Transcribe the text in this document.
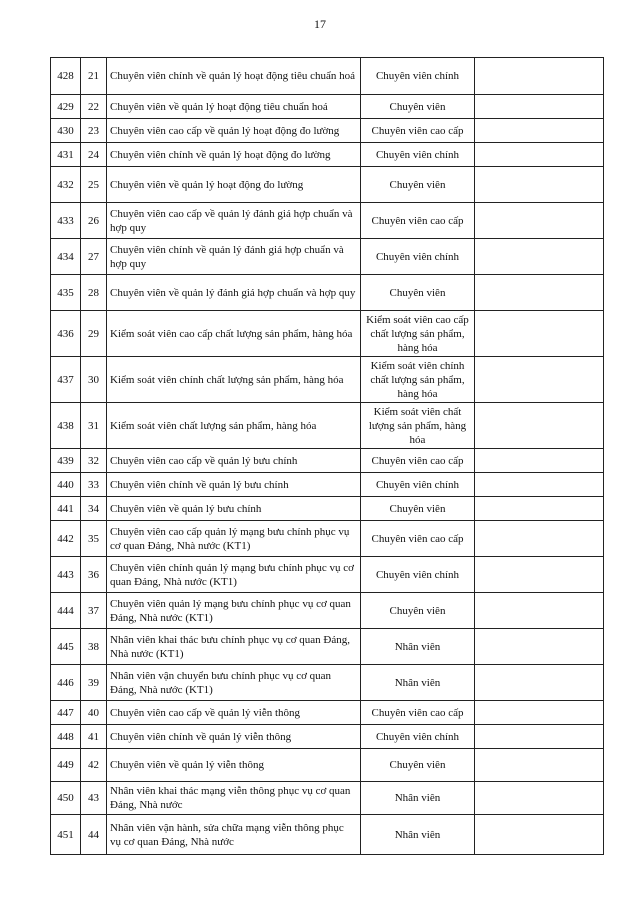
17
428	21	Chuyên viên chính về quản lý hoạt động tiêu chuẩn hoá	Chuyên viên chính	
429	22	Chuyên viên về quản lý hoạt động tiêu chuẩn hoá	Chuyên viên	
430	23	Chuyên viên cao cấp về quản lý hoạt động đo lường	Chuyên viên cao cấp	
431	24	Chuyên viên chính về quản lý hoạt động đo lường	Chuyên viên chính	
432	25	Chuyên viên về quản lý hoạt động đo lường	Chuyên viên	
433	26	Chuyên viên cao cấp về quản lý đánh giá hợp chuẩn và hợp quy	Chuyên viên cao cấp	
434	27	Chuyên viên chính về quản lý đánh giá hợp chuẩn và hợp quy	Chuyên viên chính	
435	28	Chuyên viên về quản lý đánh giá hợp chuẩn và hợp quy	Chuyên viên	
436	29	Kiểm soát viên cao cấp chất lượng sản phẩm, hàng hóa	Kiểm soát viên cao cấp chất lượng sản phẩm, hàng hóa	
437	30	Kiểm soát viên chính chất lượng sản phẩm, hàng hóa	Kiểm soát viên chính chất lượng sản phẩm, hàng hóa	
438	31	Kiểm soát viên chất lượng sản phẩm, hàng hóa	Kiểm soát viên chất lượng sản phẩm, hàng hóa	
439	32	Chuyên viên cao cấp về quản lý bưu chính	Chuyên viên cao cấp	
440	33	Chuyên viên chính về quản lý bưu chính	Chuyên viên chính	
441	34	Chuyên viên về quản lý bưu chính	Chuyên viên	
442	35	Chuyên viên cao cấp quản lý mạng bưu chính phục vụ cơ quan Đảng, Nhà nước (KT1)	Chuyên viên cao cấp	
443	36	Chuyên viên chính quản lý mạng bưu chính phục vụ cơ quan Đảng, Nhà nước (KT1)	Chuyên viên chính	
444	37	Chuyên viên quản lý mạng bưu chính phục vụ cơ quan Đảng, Nhà nước (KT1)	Chuyên viên	
445	38	Nhân viên khai thác bưu chính phục vụ cơ quan Đảng, Nhà nước (KT1)	Nhân viên	
446	39	Nhân viên vận chuyển bưu chính phục vụ cơ quan Đảng, Nhà nước (KT1)	Nhân viên	
447	40	Chuyên viên cao cấp về quản lý viễn thông	Chuyên viên cao cấp	
448	41	Chuyên viên chính về quản lý viễn thông	Chuyên viên chính	
449	42	Chuyên viên về quản lý viễn thông	Chuyên viên	
450	43	Nhân viên khai thác mạng viễn thông phục vụ cơ quan Đảng, Nhà nước	Nhân viên	
451	44	Nhân viên vận hành, sửa chữa mạng viễn thông phục vụ cơ quan Đảng, Nhà nước	Nhân viên	
